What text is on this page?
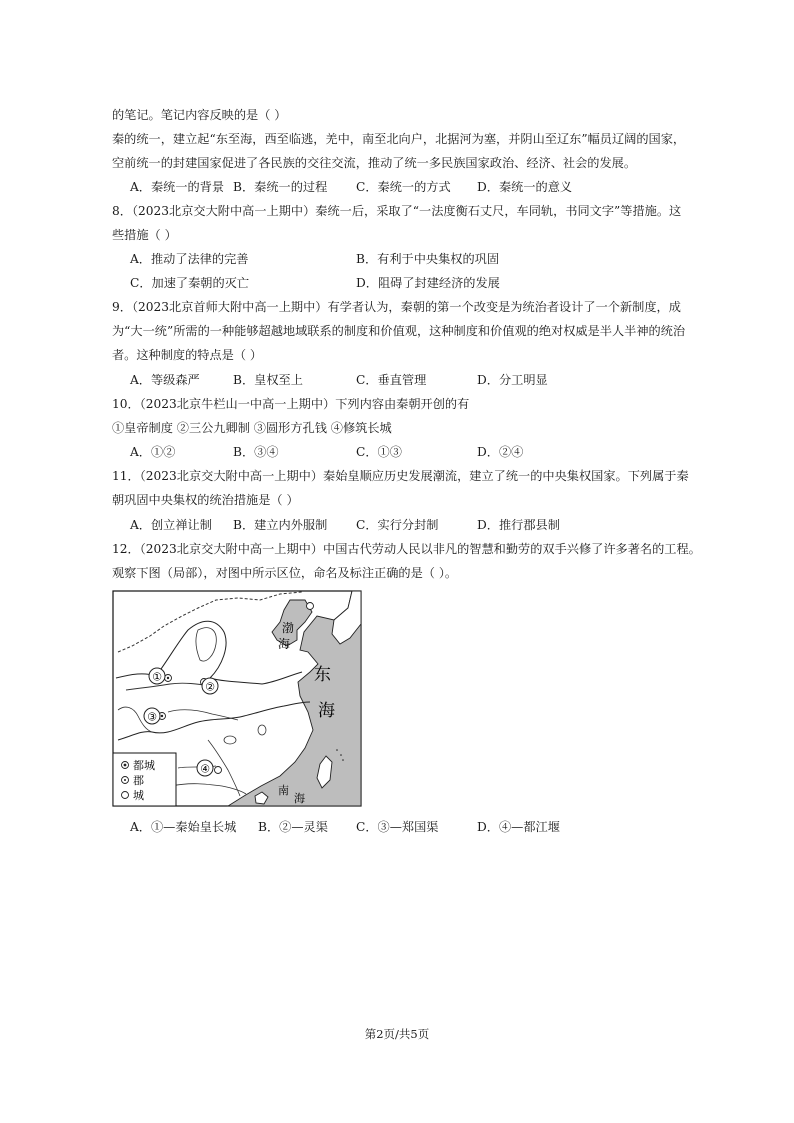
的笔记。笔记内容反映的是（ ）
秦的统一，建立起“东至海，西至临逃，羌中，南至北向户，北据河为塞，并阴山至辽东”幅员辽阔的国家，
空前统一的封建国家促进了各民族的交往交流，推动了统一多民族国家政治、经济、社会的发展。
A．秦统一的背景 B．秦统一的过程 C．秦统一的方式 D．秦统一的意义
8．（2023北京交大附中高一上期中）秦统一后，采取了“一法度衡石丈尺，车同轨，书同文字”等措施。这
些措施（ ）
A．推动了法律的完善	B．有利于中央集权的巩固
C．加速了秦朝的灭亡	D．阻碍了封建经济的发展
9．（2023北京首师大附中高一上期中）有学者认为，秦朝的第一个改变是为统治者设计了一个新制度，成
为“大一统”所需的一种能够超越地域联系的制度和价值观，这种制度和价值观的绝对权威是半人半神的统治
者。这种制度的特点是（ ）
A．等级森严	B．皇权至上	C．垂直管理	D．分工明显
10．（2023北京牛栏山一中高一上期中）下列内容由秦朝开创的有
①皇帝制度 ②三公九卿制 ③圆形方孔钱 ④修筑长城
A．①②	B．③④	C．①③	D．②④
11．（2023北京交大附中高一上期中）秦始皇顺应历史发展潮流，建立了统一的中央集权国家。下列属于秦
朝巩固中央集权的统治措施是（ ）
A．创立禅让制 B．建立内外服制 C．实行分封制	D．推行郡县制
12．（2023北京交大附中高一上期中）中国古代劳动人民以非凡的智慧和勤劳的双手兴修了许多著名的工程。
观察下图（局部），对图中所示区位，命名及标注正确的是（ ）。
①
②
③
④
渤
海
东
海
南
海
都城
郡
城
A．①—秦始皇长城 B．②—灵渠 C．③—郑国渠	D．④—都江堰
第2页/共5页
